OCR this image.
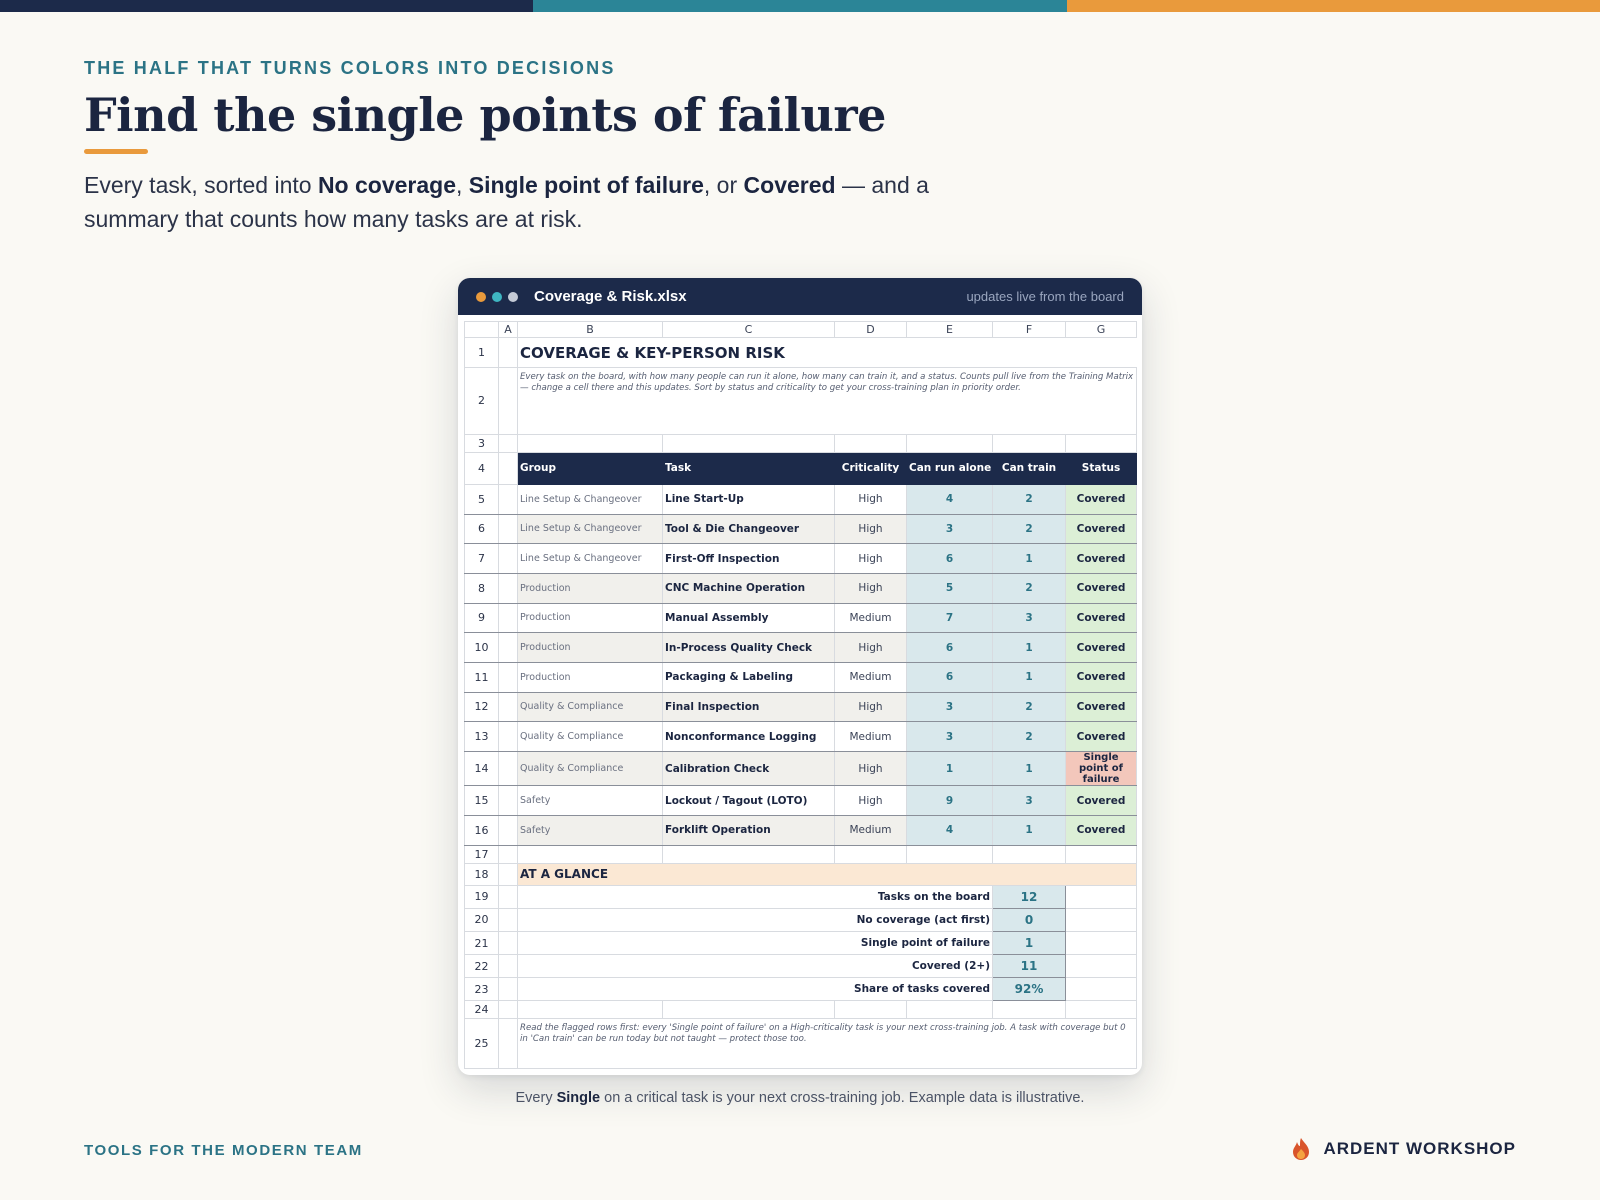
THE HALF THAT TURNS COLORS INTO DECISIONS
Find the single points of failure
Every task, sorted into No coverage, Single point of failure, or Covered — and a summary that counts how many tasks are at risk.
Coverage & Risk.xlsx	updates live from the board
	A	B	C	D	E	F	G
1		COVERAGE & KEY-PERSON RISK					
2		Every task on the board, with how many people can run it alone, how many can train it, and a status. Counts pull live from the Training Matrix — change a cell there and this updates. Sort by status and criticality to get your cross-training plan in priority order.					
3							
4		Group	Task	Criticality	Can run alone	Can train	Status
5		Line Setup & Changeover	Line Start-Up	High	4	2	Covered
6		Line Setup & Changeover	Tool & Die Changeover	High	3	2	Covered
7		Line Setup & Changeover	First-Off Inspection	High	6	1	Covered
8		Production	CNC Machine Operation	High	5	2	Covered
9		Production	Manual Assembly	Medium	7	3	Covered
10		Production	In-Process Quality Check	High	6	1	Covered
11		Production	Packaging & Labeling	Medium	6	1	Covered
12		Quality & Compliance	Final Inspection	High	3	2	Covered
13		Quality & Compliance	Nonconformance Logging	Medium	3	2	Covered
14		Quality & Compliance	Calibration Check	High	1	1	Single point of failure
15		Safety	Lockout / Tagout (LOTO)	High	9	3	Covered
16		Safety	Forklift Operation	Medium	4	1	Covered
17							
18		AT A GLANCE					
19		Tasks on the board				12	
20		No coverage (act first)				0	
21		Single point of failure				1	
22		Covered (2+)				11	
23		Share of tasks covered				92%	
24							
25		Read the flagged rows first: every 'Single point of failure' on a High-criticality task is your next cross-training job. A task with coverage but 0 in 'Can train' can be run today but not taught — protect those too.					
Every Single on a critical task is your next cross-training job. Example data is illustrative.
TOOLS FOR THE MODERN TEAM	ARDENT WORKSHOP
